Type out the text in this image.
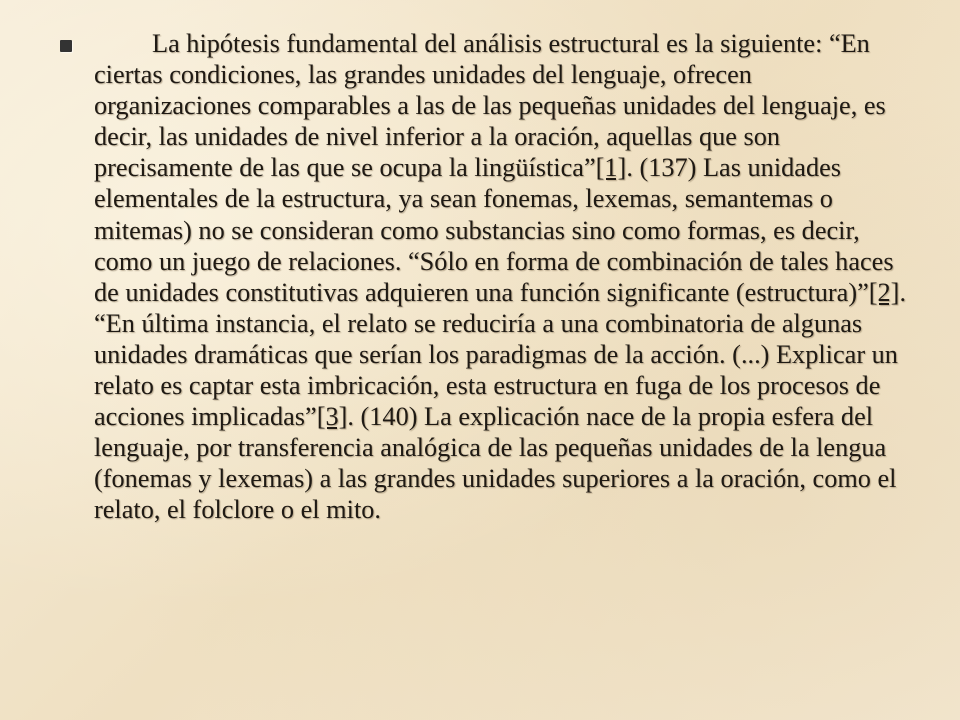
La hipótesis fundamental del análisis estructural es la siguiente: “En ciertas condiciones, las grandes unidades del lenguaje, ofrecen organizaciones comparables a las de las pequeñas unidades del lenguaje, es decir, las unidades de nivel inferior a la oración, aquellas que son precisamente de las que se ocupa la lingüística”[1]. (137) Las unidades elementales de la estructura, ya sean fonemas, lexemas, semantemas o mitemas) no se consideran como substancias sino como formas, es decir, como un juego de relaciones. “Sólo en forma de combinación de tales haces de unidades constitutivas adquieren una función significante (estructura)”[2]. “En última instancia, el relato se reduciría a una combinatoria de algunas unidades dramáticas que serían los paradigmas de la acción. (...) Explicar un relato es captar esta imbricación, esta estructura en fuga de los procesos de acciones implicadas”[3]. (140) La explicación nace de la propia esfera del lenguaje, por transferencia analógica de las pequeñas unidades de la lengua (fonemas y lexemas) a las grandes unidades superiores a la oración, como el relato, el folclore o el mito.
